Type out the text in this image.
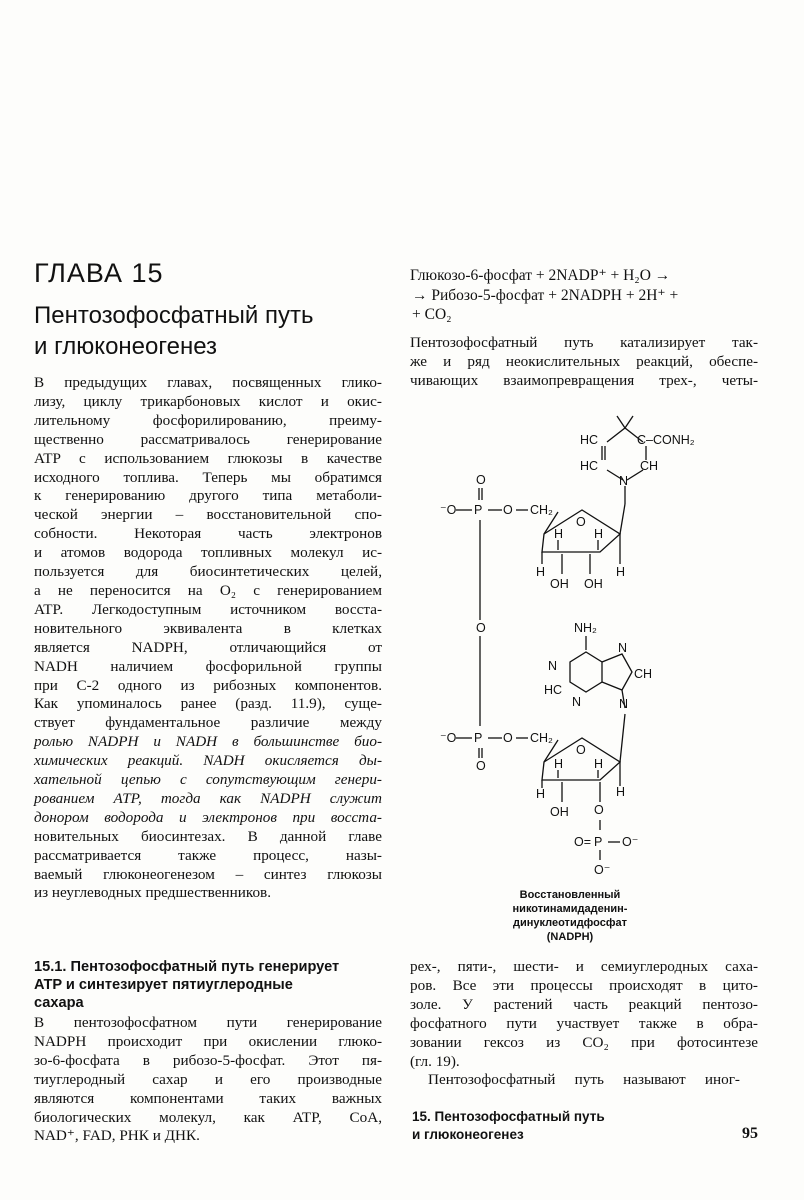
ГЛАВА 15
Пентозофосфатный путь
и глюконеогенез
В предыдущих главах, посвященных глико-
лизу, циклу трикарбоновых кислот и окис-
лительному фосфорилированию, преиму-
щественно рассматривалось генерирование
ATP с использованием глюкозы в качестве
исходного топлива. Теперь мы обратимся
к генерированию другого типа метаболи-
ческой энергии – восстановительной спо-
собности. Некоторая часть электронов
и атомов водорода топливных молекул ис-
пользуется для биосинтетических целей,
а не переносится на O₂ с генерированием
ATP. Легкодоступным источником восста-
новительного эквивалента в клетках
является NADPH, отличающийся от
NADH наличием фосфорильной группы
при С-2 одного из рибозных компонентов.
Как упоминалось ранее (разд. 11.9), суще-
ствует фундаментальное различие между
ролью NADPH и NADH в большинстве био-
химических реакций. NADH окисляется ды-
хательной цепью с сопутствующим генери-
рованием ATP, тогда как NADPH служит
донором водорода и электронов при восста-
новительных биосинтезах. В данной главе
рассматривается также процесс, назы-
ваемый глюконеогенезом – синтез глюкозы
из неуглеводных предшественников.
15.1. Пентозофосфатный путь генерирует
ATP и синтезирует пятиуглеродные
сахара
В пентозофосфатном пути генерирование
NADPH происходит при окислении глюко-
зо-6-фосфата в рибозо-5-фосфат. Этот пя-
тиуглеродный сахар и его производные
являются компонентами таких важных
биологических молекул, как ATP, CoA,
NAD⁺, FAD, РНК и ДНК.
Глюкозо-6-фосфат + 2NADP⁺ + H₂O →
→ Рибозо-5-фосфат + 2NADPH + 2H⁺ +
+ CO₂
Пентозофосфатный путь катализирует так-
же и ряд неокислительных реакций, обеспе-
чивающих взаимопревращения трех-, четы-
HC	C–CONH₂
HC	CH
N
O
⁻O P O CH₂
O
O
H
H H
H
OH OH
NH₂
N
HC
N
N
CH
N
⁻O P O CH₂
O
O
H
H H
H
OH O
O= P O⁻
O⁻
Восстановленный
никотинамидаденин-
динуклеотидфосфат
(NADPH)
рех-, пяти-, шести- и семиуглеродных саха-
ров. Все эти процессы происходят в цито-
золе. У растений часть реакций пентозо-
фосфатного пути участвует также в обра-
зовании гексоз из CO₂ при фотосинтезе
(гл. 19).
Пентозофосфатный путь называют иног-
15. Пентозофосфатный путь
и глюконеогенез	95
